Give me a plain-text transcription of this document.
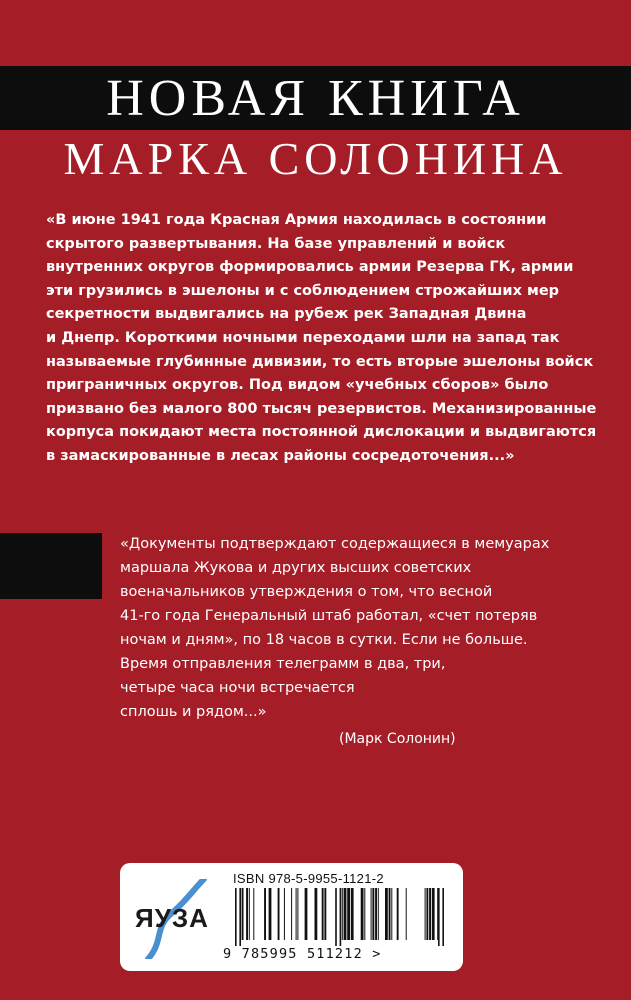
НОВАЯ КНИГА
МАРКА СОЛОНИНА
«В июне 1941 года Красная Армия находилась в состоянии
скрытого развертывания. На базе управлений и войск
внутренних округов формировались армии Резерва ГК, армии
эти грузились в эшелоны и с соблюдением строжайших мер
секретности выдвигались на рубеж рек Западная Двина
и Днепр. Короткими ночными переходами шли на запад так
называемые глубинные дивизии, то есть вторые эшелоны войск
приграничных округов. Под видом «учебных сборов» было
призвано без малого 800 тысяч резервистов. Механизированные
корпуса покидают места постоянной дислокации и выдвигаются
в замаскированные в лесах районы сосредоточения...»
«Документы подтверждают содержащиеся в мемуарах
маршала Жукова и других высших советских
военачальников утверждения о том, что весной
41-го года Генеральный штаб работал, «счет потеряв
ночам и дням», по 18 часов в сутки. Если не больше.
Время отправления телеграмм в два, три,
четыре часа ночи встречается
сплошь и рядом...»
(Марк Солонин)
ЯУЗА
ISBN 978-5-9955-1121-2
9 785995 511212 >
